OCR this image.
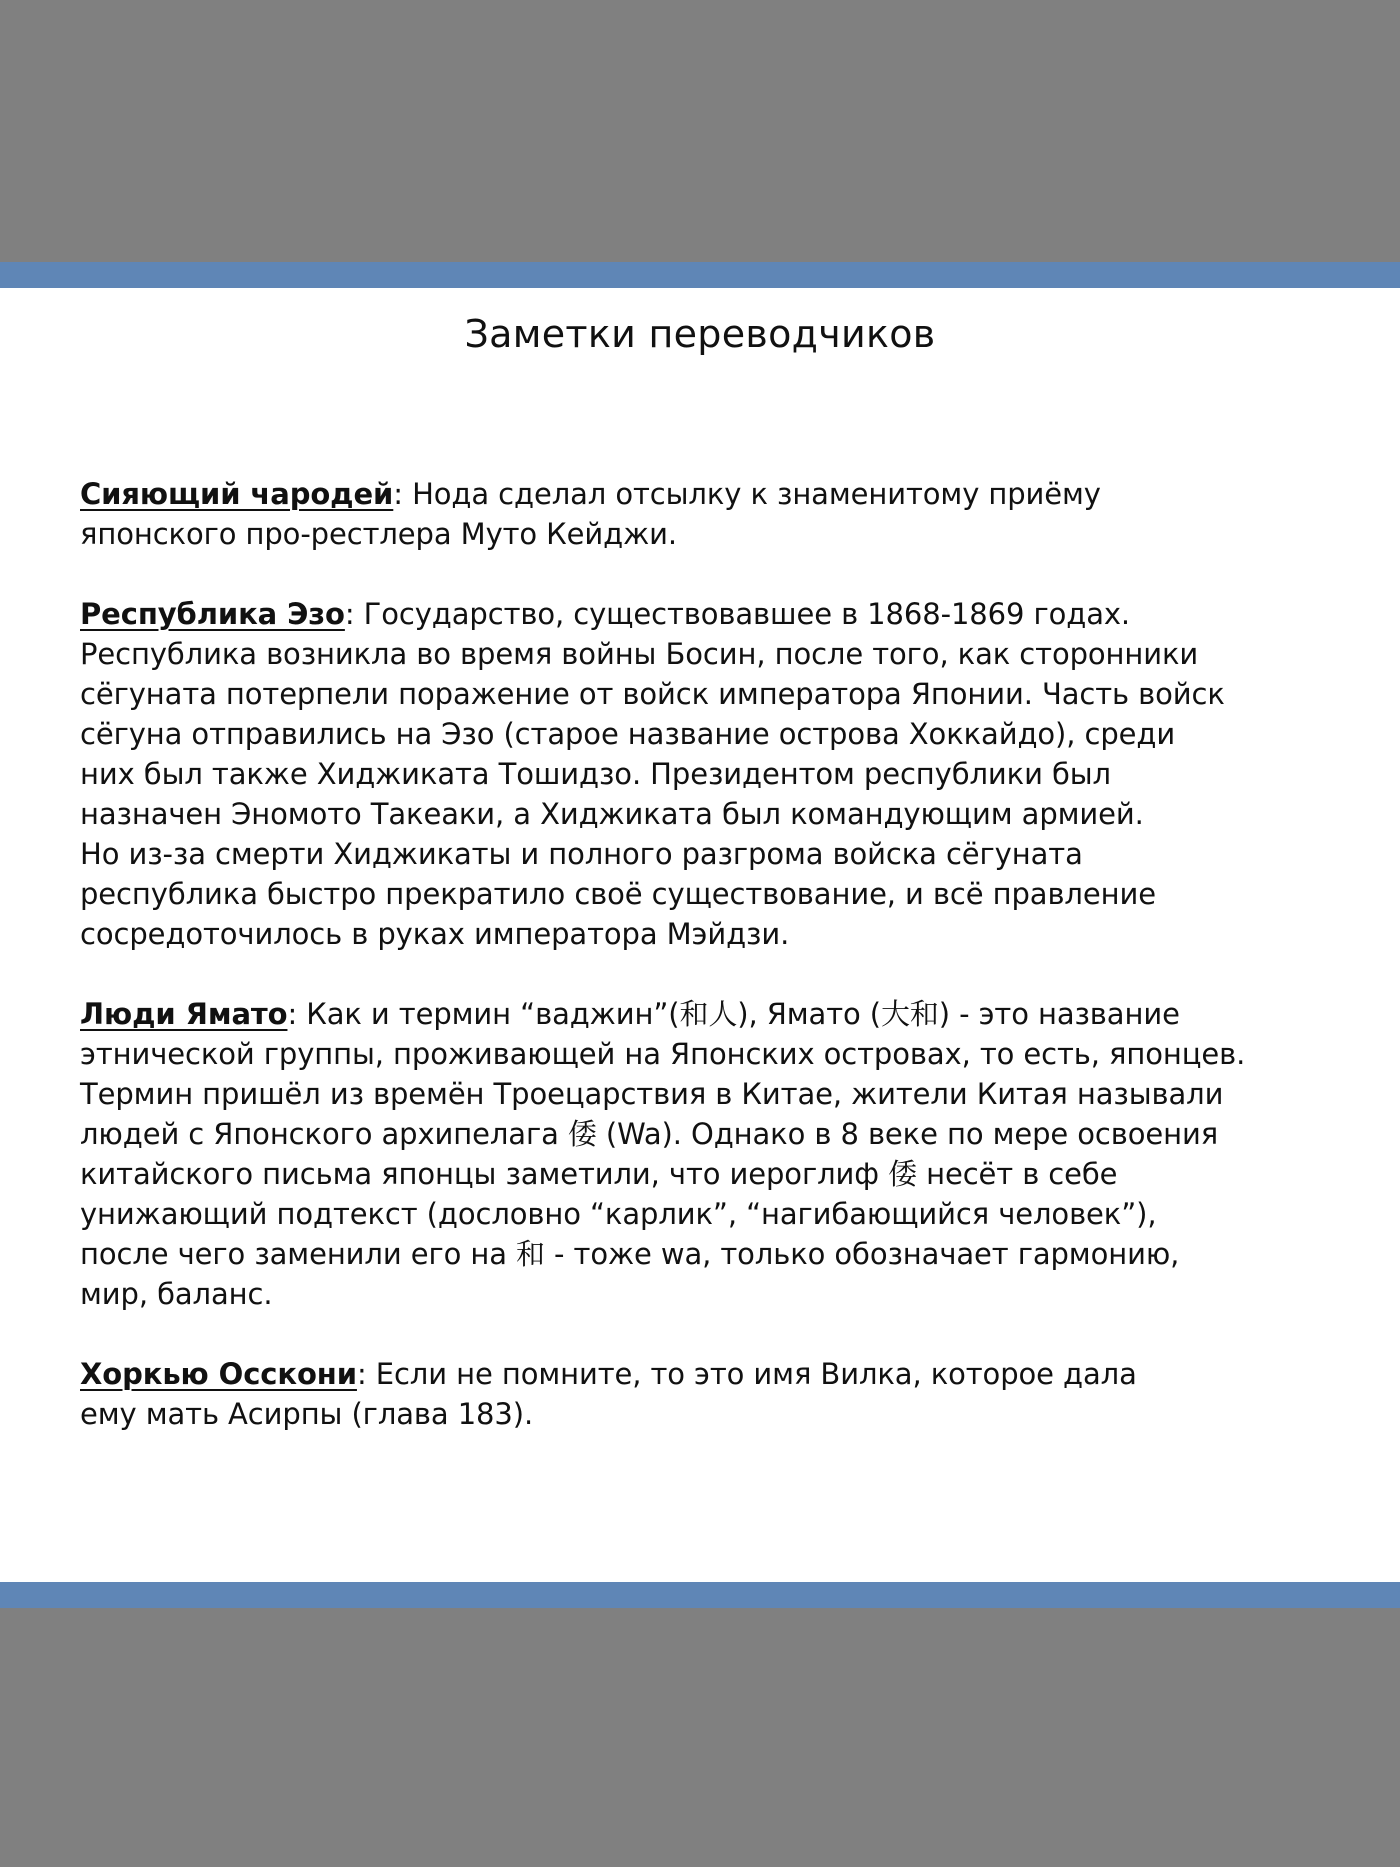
Заметки переводчиков
Сияющий чародей: Нода сделал отсылку к знаменитому приёму
японского про-рестлера Муто Кейджи.
Республика Эзо: Государство, существовавшее в 1868-1869 годах.
Республика возникла во время войны Босин, после того, как сторонники
сёгуната потерпели поражение от войск императора Японии. Часть войск
сёгуна отправились на Эзо (старое название острова Хоккайдо), среди
них был также Хиджиката Тошидзо. Президентом республики был
назначен Эномото Такеаки, а Хиджиката был командующим армией.
Но из-за смерти Хиджикаты и полного разгрома войска сёгуната
республика быстро прекратило своё существование, и всё правление
сосредоточилось в руках императора Мэйдзи.
Люди Ямато: Как и термин “ваджин”(和人), Ямато (大和) - это название
этнической группы, проживающей на Японских островах, то есть, японцев.
Термин пришёл из времён Троецарствия в Китае, жители Китая называли
людей с Японского архипелага 倭 (Wa). Однако в 8 веке по мере освоения
китайского письма японцы заметили, что иероглиф 倭 несёт в себе
унижающий подтекст (дословно “карлик”, “нагибающийся человек”),
после чего заменили его на 和 - тоже wa, только обозначает гармонию,
мир, баланс.
Хоркью Осскони: Если не помните, то это имя Вилка, которое дала
ему мать Асирпы (глава 183).
